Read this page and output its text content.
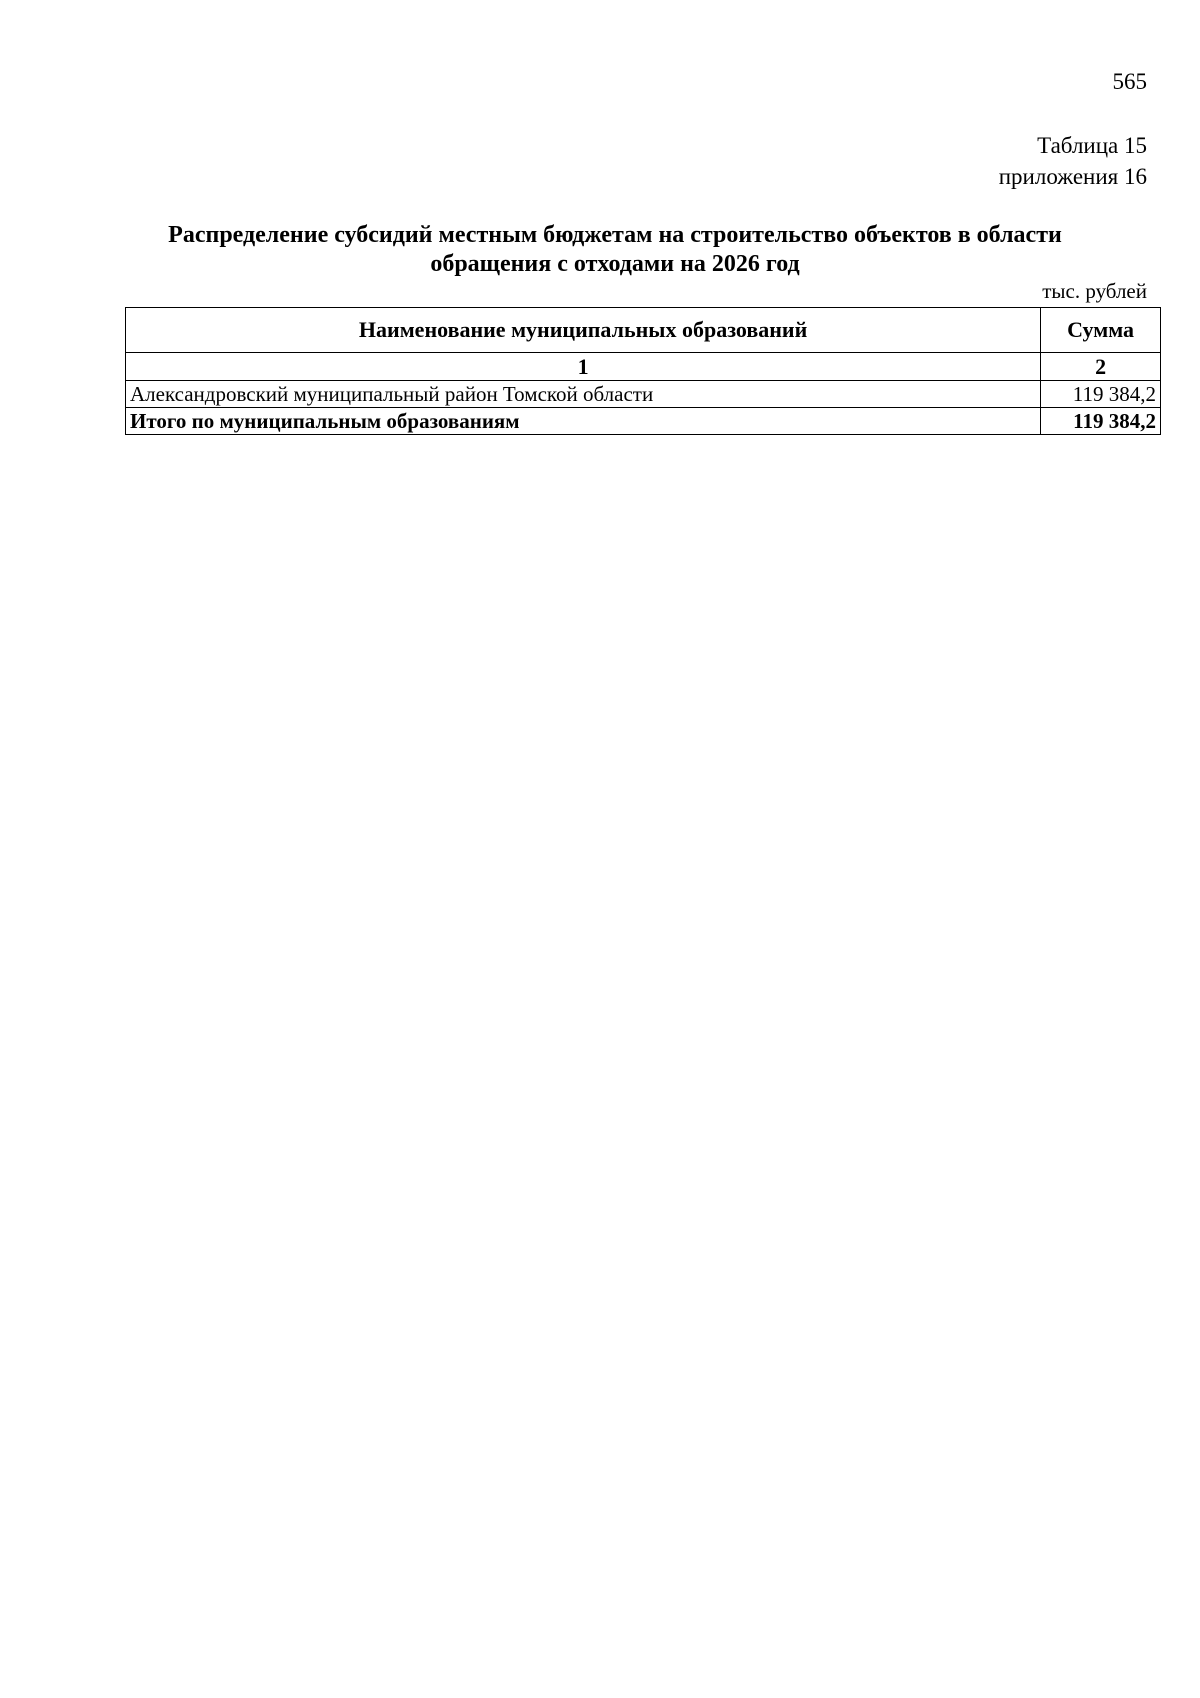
565
Таблица 15
приложения 16
Распределение субсидий местным бюджетам на строительство объектов в области
обращения с отходами на 2026 год
тыс. рублей
Наименование муниципальных образований	Сумма
1	2
Александровский муниципальный район Томской области	119 384,2
Итого по муниципальным образованиям	119 384,2
